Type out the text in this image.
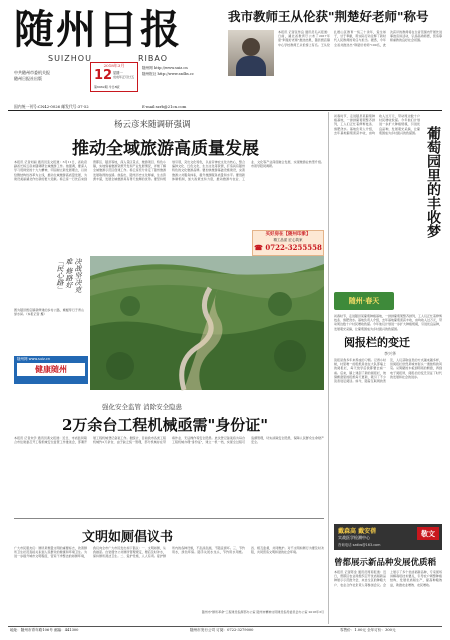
随州日报
SUIZHOU	RIBAO
2018年3月
12 星期一
戊戌年正月廿五
第6962期 今日8版
中共随州市委机关报
随州日报社出版
随州网 http://www.suiz.cn
随州报社 http://www.szdbs.cc
国内统一刊号:CN42-0026 邮发代号:37-52	E-mail:szrb@21cn.com
我市教师王从伦获"荆楚好老师"称号
本报讯 记者张传良 通讯员毛兴报道：日前，湖北省教育厅公布了2017年度"荆楚好老师"推选结果，随县殷店镇中心学校教师王从伦榜上有名。王从伦扎根山区教育一线三十余年，爱生如子，甘于奉献，用实际行动诠释了新时代人民教师的责任与担当。据悉，今年全省共推选出"荆楚好老师"100名，此次获评的教师将在全省范围内开展先进事迹宣讲活动，弘扬高尚师德，营造尊师重教的良好社会氛围。
杨云彦来随调研强调
推动全域旅游高质量发展
本报讯 记者刘丽 通讯员张文报道：3月11日，省政府副省长杨云彦来随调研全域旅游工作。他强调，要深入学习贯彻党的十九大精神，牢固树立新发展理念，以供给侧结构性改革为主线，推动全域旅游高质量发展，为建设美丽湖北作出新的更大贡献。杨云彦一行先后来到曾都区、随县等地，深入景区景点、旅游项目、特色小镇，实地察看旅游资源开发和产业发展情况，详细了解全域旅游示范区创建工作。杨云彦充分肯定了随州旅游发展取得的成绩。他指出，随州历史文化厚重，生态资源丰富，发展全域旅游具有得天独厚的优势。要坚持规划引领，突出文化特色，以炎帝神农文化为核心，整合编钟文化、红色文化、生态文化等资源，打造具有随州特色的文化旅游品牌。要加快旅游基础设施建设，完善旅游公共服务体系，提升旅游服务质量和水平。要创新体制机制，加大政策支持力度，推动旅游与农业、工业、文化等产业深度融合发展，实现旅游业转型升级。市领导陪同调研。
买好房在【随州印象】
精工品质 匠心筑家
☎ 0722-3255558
决战坚决克难 修路好「民心路」
图为随县殷店镇新修建的乡村公路，蜿蜒穿行于青山绿水间。（本报记者 摄）
随州网 www.suiz.cn
健康随州
强化安全监管 消除安全隐患
2万余台工程机械亟需"身份证"
本报讯 记者朱学 通讯员黄文报道：近日，市质监局联合市住建委召开工程机械安全监管工作推进会，部署开展工程机械登记备案工作。据统计，目前我市各类工程机械约2万余台，由于缺乏统一管理，部分机械存在带病作业、无证操作等安全隐患。此次登记备案将为每台工程机械办理"身份证"，建立一机一档，实现全过程可追溯管理，切实消除安全隐患，保障人民群众生命财产安全。
文明如厕倡议书
广大市民朋友们：厕所是衡量文明的重要标志，改善厕所卫生状况直接关系到人民群众的健康和环境卫生。为进一步提升城市文明程度，营造干净整洁的如厕环境，我们向全市广大市民发出如下倡议：一、文明如厕，从我做起。自觉遵守公共厕所管理规定，便后及时冲水，保持厕所清洁卫生。二、爱护设施，人人有责。爱护厕所内的各种设施，不乱涂乱画，不随意损坏。三、节约用水，绿色环保。随手关闭水龙头，节约用水用纸。四、相互监督，共同维护。对不文明如厕行为要及时劝阻，共同营造文明和谐的社会环境。
随州市"厕所革命"工程建设指挥部办公室 随州市精神文明建设指导委员会办公室 2018年3月
初春时节，走进随县某葡萄种植基地，一排排葡萄架整齐排列，工人们正忙着修剪枝条、施肥浇水。基地负责人介绍，去年基地葡萄喜获丰收，亩均收入过万元，带动周边数十户村民增收致富。今年他们计划进一步扩大种植规模，引进优良品种，发展观光采摘，让葡萄园成为乡村振兴的致富园。 葡萄园里的丰收梦
随州·春天
初春时节，走进随县某葡萄种植基地，一排排葡萄架整齐排列，工人们正忙着修剪枝条、施肥浇水。基地负责人介绍，去年基地葡萄喜获丰收，亩均收入过万元，带动周边数十户村民增收致富。今年他们计划进一步扩大种植规模，引进优良品种，发展观光采摘，让葡萄园成为乡村振兴的致富园。
阅报栏的变迁
李兴华
读报是我多年来养成的习惯。记得小时候，村里唯一的报纸是挂在大队部墙上的阅报栏，每天放学后我都要去看一看。后来，镇上建起了新的阅报栏，玻璃橱窗里的报纸每天更新，吸引了不少读者驻足阅读。如今，随着互联网的普及，人们获取信息的方式越来越多样，但阅报栏依然是城市街头一道独特的风景。从简陋的木板到明亮的橱窗，再到电子阅报屏，阅报栏的变迁见证了时代的发展和社会的进步。
戴森高 戴安蓓
实战医学检测中心	敬文
咨询电话 szdbs@163.com
曾都展示新品种发展优质稻
本报讯 记者陈金 通讯员周莉报道：近日，曾都区农业局组织召开优质稻新品种展示示范推介会，来自全区的种粮大户、农业合作社负责人等参加会议。会上展示了多个优质稻新品种，专家现场讲解栽培技术要点，引导农户调整种植结构，发展优质稻生产，提高种粮效益，助推农业增效、农民增收。
地址：随州市青年路106号 邮编：441300	随州市发行公司 订阅：0722-3279000	零售价：1.00元 全年订价：300元
